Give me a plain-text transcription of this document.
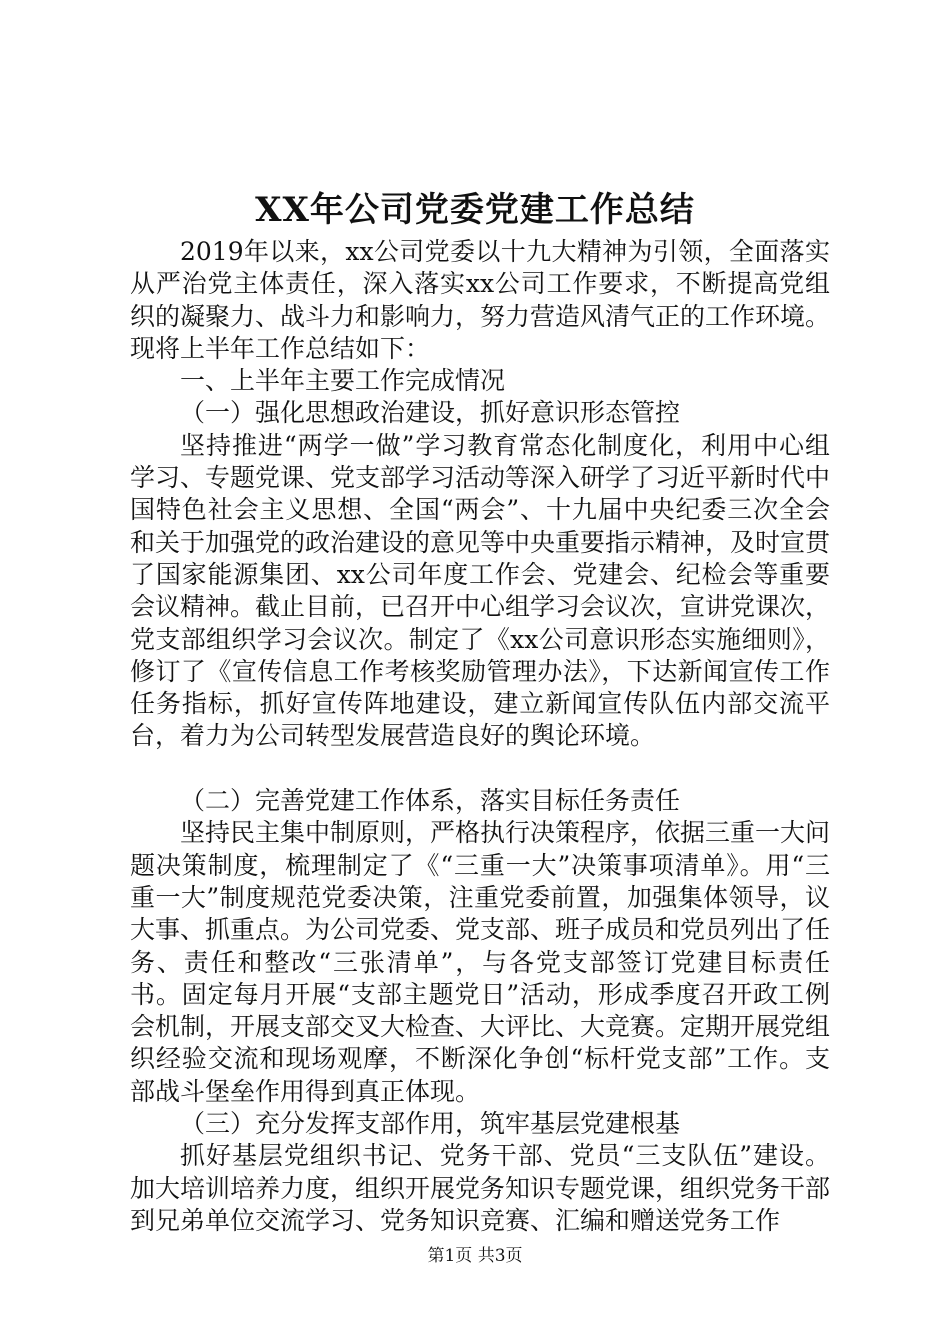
XX年公司党委党建工作总结

2019年以来，xx公司党委以十九大精神为引领，全面落实从严治党主体责任，深入落实xx公司工作要求，不断提高党组织的凝聚力、战斗力和影响力，努力营造风清气正的工作环境。现将上半年工作总结如下：

一、上半年主要工作完成情况

（一）强化思想政治建设，抓好意识形态管控

坚持推进“两学一做”学习教育常态化制度化，利用中心组学习、专题党课、党支部学习活动等深入研学了习近平新时代中国特色社会主义思想、全国“两会”、十九届中央纪委三次全会和关于加强党的政治建设的意见等中央重要指示精神，及时宣贯了国家能源集团、xx公司年度工作会、党建会、纪检会等重要会议精神。截止目前，已召开中心组学习会议次，宣讲党课次，党支部组织学习会议次。制定了《xx公司意识形态实施细则》，修订了《宣传信息工作考核奖励管理办法》，下达新闻宣传工作任务指标，抓好宣传阵地建设，建立新闻宣传队伍内部交流平台，着力为公司转型发展营造良好的舆论环境。

（二）完善党建工作体系，落实目标任务责任

坚持民主集中制原则，严格执行决策程序，依据三重一大问题决策制度，梳理制定了《“三重一大”决策事项清单》。用“三重一大”制度规范党委决策，注重党委前置，加强集体领导，议大事、抓重点。为公司党委、党支部、班子成员和党员列出了任务、责任和整改“三张清单”，与各党支部签订党建目标责任书。固定每月开展“支部主题党日”活动，形成季度召开政工例会机制，开展支部交叉大检查、大评比、大竞赛。定期开展党组织经验交流和现场观摩，不断深化争创“标杆党支部”工作。支部战斗堡垒作用得到真正体现。

（三）充分发挥支部作用，筑牢基层党建根基

抓好基层党组织书记、党务干部、党员“三支队伍”建设。加大培训培养力度，组织开展党务知识专题党课，组织党务干部到兄弟单位交流学习、党务知识竞赛、汇编和赠送党务工作

第1页 共3页
